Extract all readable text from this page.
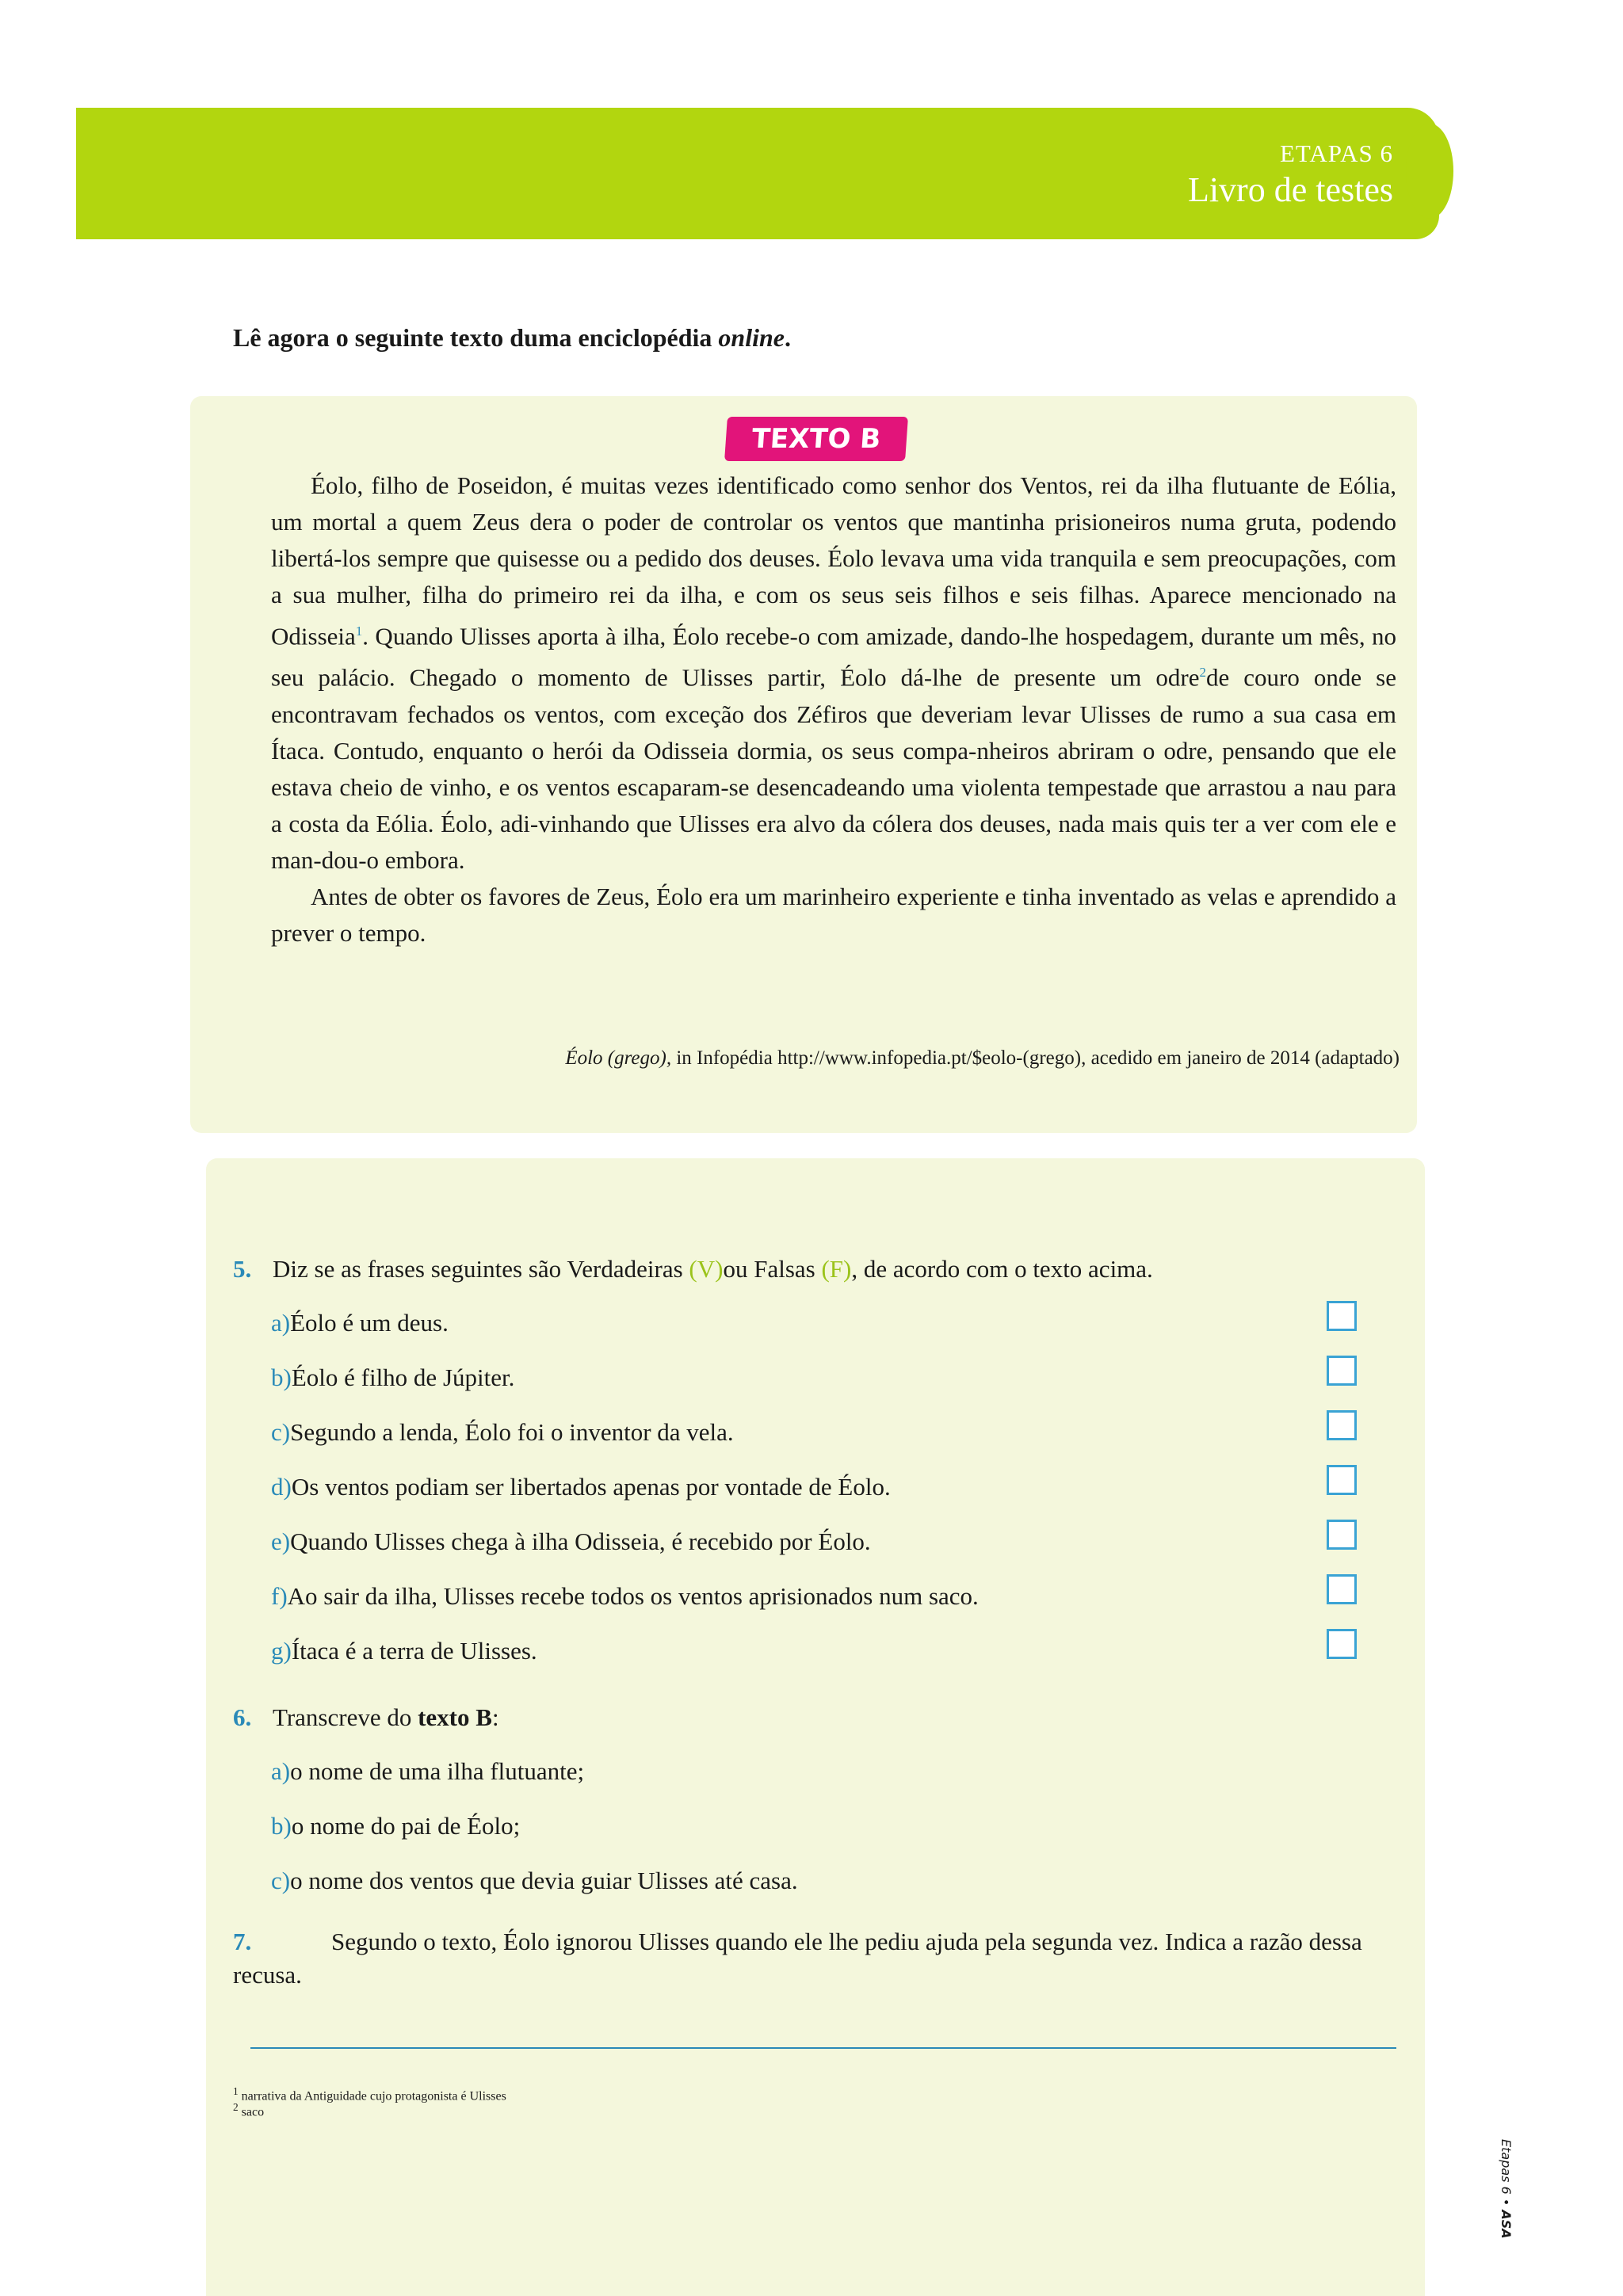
ETAPAS 6
Livro de testes
Lê agora o seguinte texto duma enciclopédia online.
TEXTO B

Éolo, filho de Poseidon, é muitas vezes identificado como senhor dos Ventos, rei da ilha flutuante de Eólia, um mortal a quem Zeus dera o poder de controlar os ventos que mantinha prisioneiros numa gruta, podendo libertá-los sempre que quisesse ou a pedido dos deuses. Éolo levava uma vida tranquila e sem preocupações, com a sua mulher, filha do primeiro rei da ilha, e com os seus seis filhos e seis filhas. Aparece mencionado na Odisseia$^1$. Quando Ulisses aporta à ilha, Éolo recebe-o com amizade, dando-lhe hospedagem, durante um mês, no seu palácio. Chegado o momento de Ulisses partir, Éolo dá-lhe de presente um odre$^2$de couro onde se encontravam fechados os ventos, com exceção dos Zéfiros que deveriam levar Ulisses de rumo a sua casa em Ítaca. Contudo, enquanto o herói da Odisseia dormia, os seus compa-nheiros abriram o odre, pensando que ele estava cheio de vinho, e os ventos escaparam-se desencadeando uma violenta tempestade que arrastou a nau para a costa da Eólia. Éolo, adi-vinhando que Ulisses era alvo da cólera dos deuses, nada mais quis ter a ver com ele e man-dou-o embora.

Antes de obter os favores de Zeus, Éolo era um marinheiro experiente e tinha inventado as velas e aprendido a prever o tempo.

Éolo (grego), in Infopédia http://www.infopedia.pt/$eolo-(grego), acedido em janeiro de 2014 (adaptado)
5. Diz se as frases seguintes são Verdadeiras (V)ou Falsas (F), de acordo com o texto acima.
a)Éolo é um deus.
b)Éolo é filho de Júpiter.
c)Segundo a lenda, Éolo foi o inventor da vela.
d)Os ventos podiam ser libertados apenas por vontade de Éolo.
e)Quando Ulisses chega à ilha Odisseia, é recebido por Éolo.
f)Ao sair da ilha, Ulisses recebe todos os ventos aprisionados num saco.
g)Ítaca é a terra de Ulisses.
6. Transcreve do texto B:
a)o nome de uma ilha flutuante;
b)o nome do pai de Éolo;
c)o nome dos ventos que devia guiar Ulisses até casa.
7.	Segundo o texto, Éolo ignorou Ulisses quando ele lhe pediu ajuda pela segunda vez. Indica a razão dessa recusa.
$^1$ narrativa da Antiguidade cujo protagonista é Ulisses
$^2$ saco
Etapas 6 • ASA
